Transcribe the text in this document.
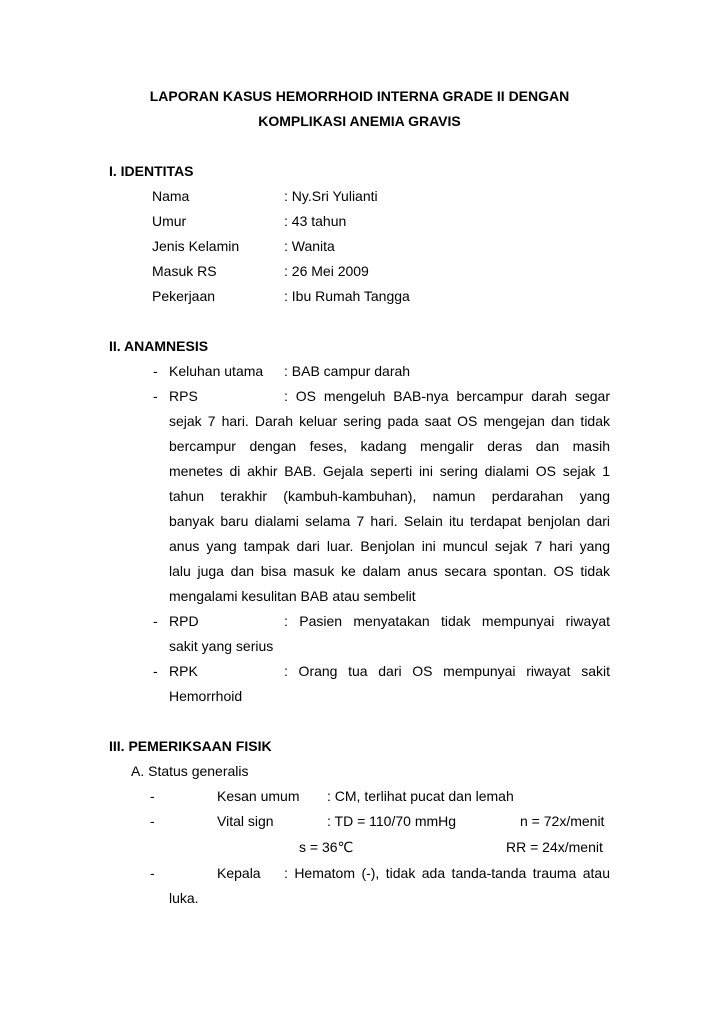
LAPORAN KASUS HEMORRHOID INTERNA GRADE II DENGAN
KOMPLIKASI ANEMIA GRAVIS
I. IDENTITAS
Nama	: Ny.Sri Yulianti
Umur	: 43 tahun
Jenis Kelamin	: Wanita
Masuk RS	: 26 Mei 2009
Pekerjaan	: Ibu Rumah Tangga
II. ANAMNESIS
- Keluhan utama : BAB campur darah
- RPS	: OS mengeluh BAB-nya bercampur darah segar
sejak 7 hari. Darah keluar sering pada saat OS mengejan dan tidak
bercampur dengan feses, kadang mengalir deras dan masih
menetes di akhir BAB. Gejala seperti ini sering dialami OS sejak 1
tahun terakhir (kambuh-kambuhan), namun perdarahan yang
banyak baru dialami selama 7 hari. Selain itu terdapat benjolan dari
anus yang tampak dari luar. Benjolan ini muncul sejak 7 hari yang
lalu juga dan bisa masuk ke dalam anus secara spontan. OS tidak
mengalami kesulitan BAB atau sembelit
- RPD	: Pasien menyatakan tidak mempunyai riwayat
sakit yang serius
- RPK	: Orang tua dari OS mempunyai riwayat sakit
Hemorrhoid
III. PEMERIKSAAN FISIK
A. Status generalis
-	Kesan umum : CM, terlihat pucat dan lemah
-	Vital sign	: TD = 110/70 mmHg	n = 72x/menit
s = 36℃	RR = 24x/menit
-	Kepala : Hematom (-), tidak ada tanda-tanda trauma atau
luka.
